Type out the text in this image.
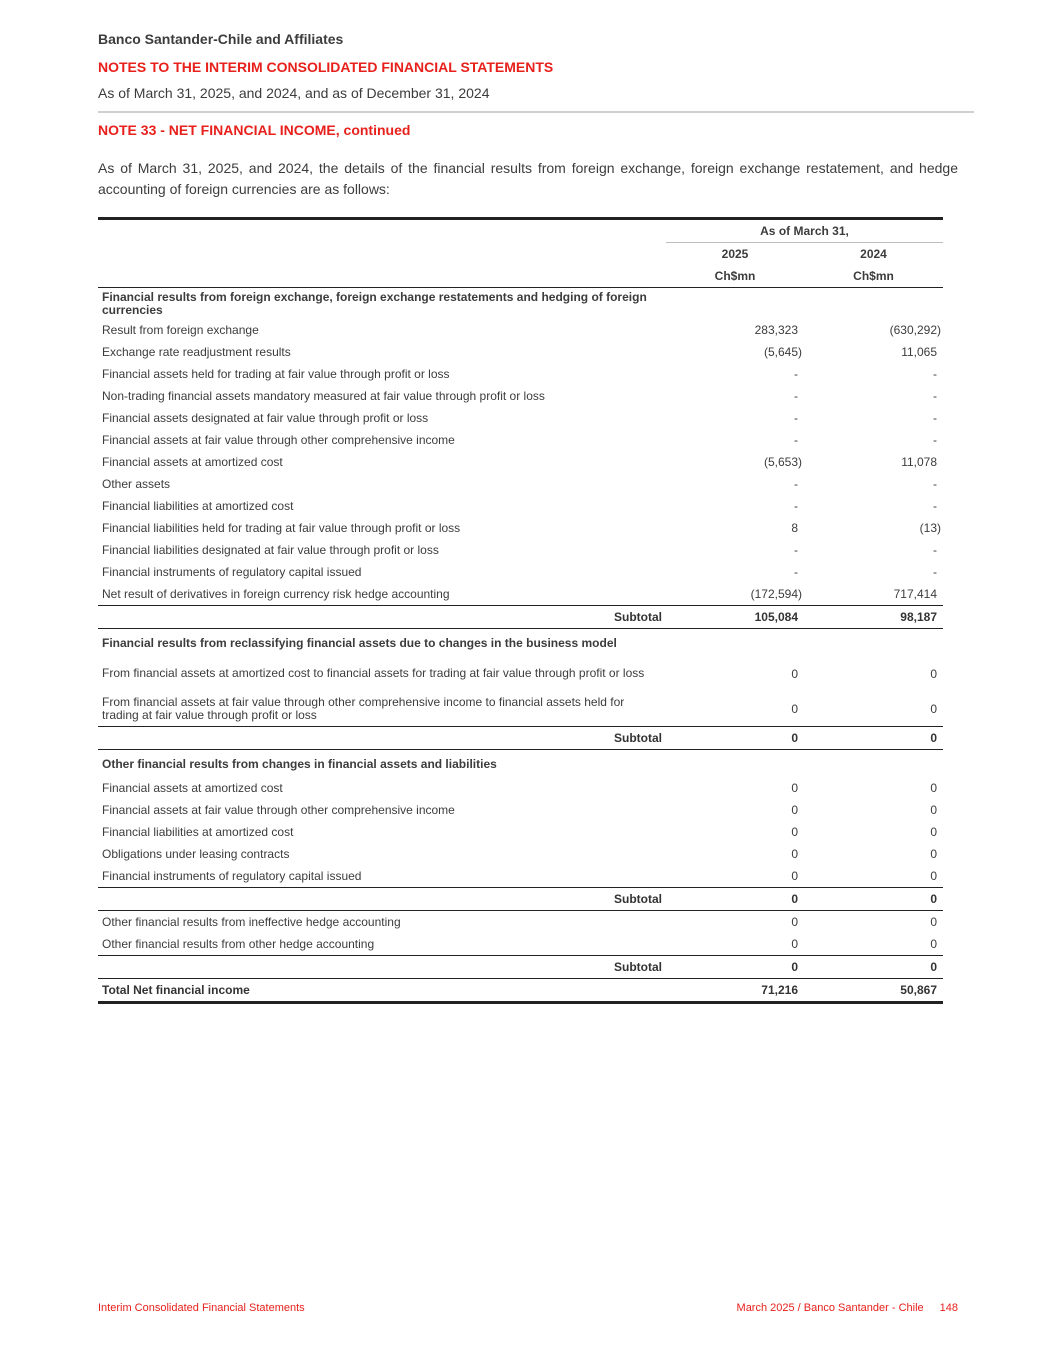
Banco Santander-Chile and Affiliates
NOTES TO THE INTERIM CONSOLIDATED FINANCIAL STATEMENTS
As of March 31, 2025, and 2024, and as of December 31, 2024
NOTE 33 - NET FINANCIAL INCOME, continued
As of March 31, 2025, and 2024, the details of the financial results from foreign exchange, foreign exchange restatement, and hedge accounting of foreign currencies are as follows:
	As of March 31,	
	2025	2024
	Ch$mn	Ch$mn
Financial results from foreign exchange, foreign exchange restatements and hedging of foreign currencies		
Result from foreign exchange	283,323	(630,292)
Exchange rate readjustment results	(5,645)	11,065
Financial assets held for trading at fair value through profit or loss	-	-
Non-trading financial assets mandatory measured at fair value through profit or loss	-	-
Financial assets designated at fair value through profit or loss	-	-
Financial assets at fair value through other comprehensive income	-	-
Financial assets at amortized cost	(5,653)	11,078
Other assets	-	-
Financial liabilities at amortized cost	-	-
Financial liabilities held for trading at fair value through profit or loss	8	(13)
Financial liabilities designated at fair value through profit or loss	-	-
Financial instruments of regulatory capital issued	-	-
Net result of derivatives in foreign currency risk hedge accounting	(172,594)	717,414
Subtotal	105,084	98,187
Financial results from reclassifying financial assets due to changes in the business model		
From financial assets at amortized cost to financial assets for trading at fair value through profit or loss	0	0
From financial assets at fair value through other comprehensive income to financial assets held for trading at fair value through profit or loss	0	0
Subtotal	0	0
Other financial results from changes in financial assets and liabilities		
Financial assets at amortized cost	0	0
Financial assets at fair value through other comprehensive income	0	0
Financial liabilities at amortized cost	0	0
Obligations under leasing contracts	0	0
Financial instruments of regulatory capital issued	0	0
Subtotal	0	0
Other financial results from ineffective hedge accounting	0	0
Other financial results from other hedge accounting	0	0
Subtotal	0	0
Total Net financial income	71,216	50,867
Interim Consolidated Financial Statements	March 2025 / Banco Santander - Chile 148
